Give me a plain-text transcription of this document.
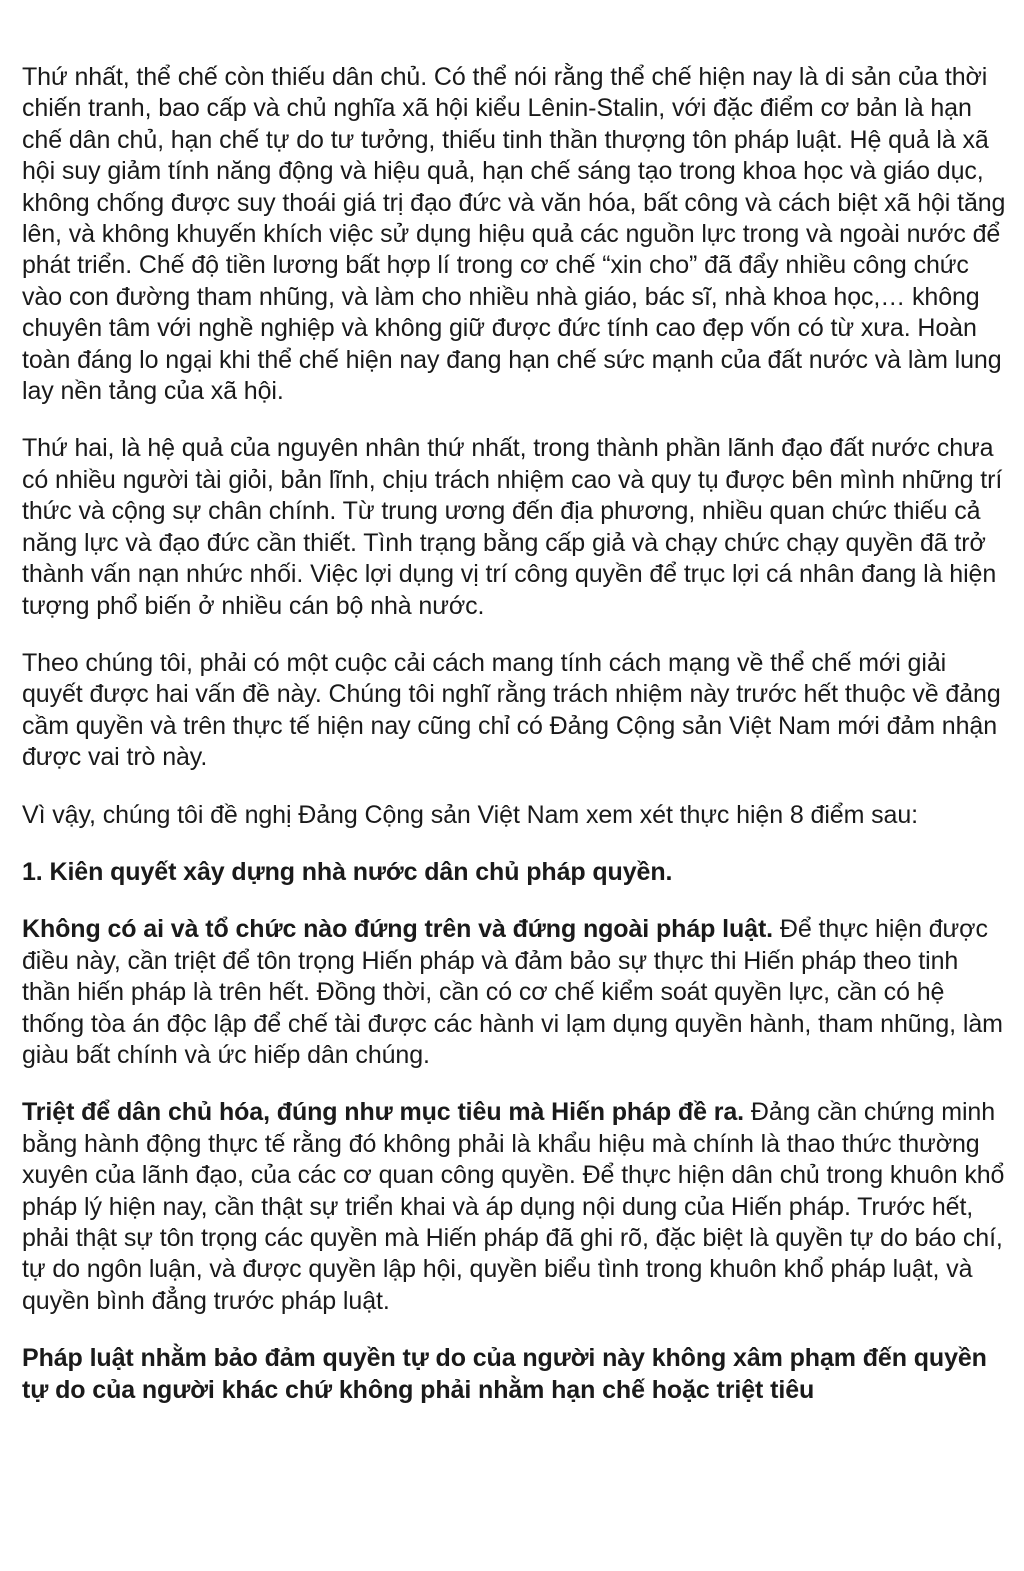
Thứ nhất, thể chế còn thiếu dân chủ. Có thể nói rằng thể chế hiện nay là di sản của thời chiến tranh, bao cấp và chủ nghĩa xã hội kiểu Lênin-Stalin, với đặc điểm cơ bản là hạn chế dân chủ, hạn chế tự do tư tưởng, thiếu tinh thần thượng tôn pháp luật. Hệ quả là xã hội suy giảm tính năng động và hiệu quả, hạn chế sáng tạo trong khoa học và giáo dục, không chống được suy thoái giá trị đạo đức và văn hóa, bất công và cách biệt xã hội tăng lên, và không khuyến khích việc sử dụng hiệu quả các nguồn lực trong và ngoài nước để phát triển. Chế độ tiền lương bất hợp lí trong cơ chế “xin cho” đã đẩy nhiều công chức vào con đường tham nhũng, và làm cho nhiều nhà giáo, bác sĩ, nhà khoa học,… không chuyên tâm với nghề nghiệp và không giữ được đức tính cao đẹp vốn có từ xưa. Hoàn toàn đáng lo ngại khi thể chế hiện nay đang hạn chế sức mạnh của đất nước và làm lung lay nền tảng của xã hội.

Thứ hai, là hệ quả của nguyên nhân thứ nhất, trong thành phần lãnh đạo đất nước chưa có nhiều người tài giỏi, bản lĩnh, chịu trách nhiệm cao và quy tụ được bên mình những trí thức và cộng sự chân chính. Từ trung ương đến địa phương, nhiều quan chức thiếu cả năng lực và đạo đức cần thiết. Tình trạng bằng cấp giả và chạy chức chạy quyền đã trở thành vấn nạn nhức nhối. Việc lợi dụng vị trí công quyền để trục lợi cá nhân đang là hiện tượng phổ biến ở nhiều cán bộ nhà nước.

Theo chúng tôi, phải có một cuộc cải cách mang tính cách mạng về thể chế mới giải quyết được hai vấn đề này. Chúng tôi nghĩ rằng trách nhiệm này trước hết thuộc về đảng cầm quyền và trên thực tế hiện nay cũng chỉ có Đảng Cộng sản Việt Nam mới đảm nhận được vai trò này.

Vì vậy, chúng tôi đề nghị Đảng Cộng sản Việt Nam xem xét thực hiện 8 điểm sau:

1. Kiên quyết xây dựng nhà nước dân chủ pháp quyền.

Không có ai và tổ chức nào đứng trên và đứng ngoài pháp luật. Để thực hiện được điều này, cần triệt để tôn trọng Hiến pháp và đảm bảo sự thực thi Hiến pháp theo tinh thần hiến pháp là trên hết. Đồng thời, cần có cơ chế kiểm soát quyền lực, cần có hệ thống tòa án độc lập để chế tài được các hành vi lạm dụng quyền hành, tham nhũng, làm giàu bất chính và ức hiếp dân chúng.

Triệt để dân chủ hóa, đúng như mục tiêu mà Hiến pháp đề ra. Đảng cần chứng minh bằng hành động thực tế rằng đó không phải là khẩu hiệu mà chính là thao thức thường xuyên của lãnh đạo, của các cơ quan công quyền. Để thực hiện dân chủ trong khuôn khổ pháp lý hiện nay, cần thật sự triển khai và áp dụng nội dung của Hiến pháp. Trước hết, phải thật sự tôn trọng các quyền mà Hiến pháp đã ghi rõ, đặc biệt là quyền tự do báo chí, tự do ngôn luận, và được quyền lập hội, quyền biểu tình trong khuôn khổ pháp luật, và quyền bình đẳng trước pháp luật.

Pháp luật nhằm bảo đảm quyền tự do của người này không xâm phạm đến quyền tự do của người khác chứ không phải nhằm hạn chế hoặc triệt tiêu
